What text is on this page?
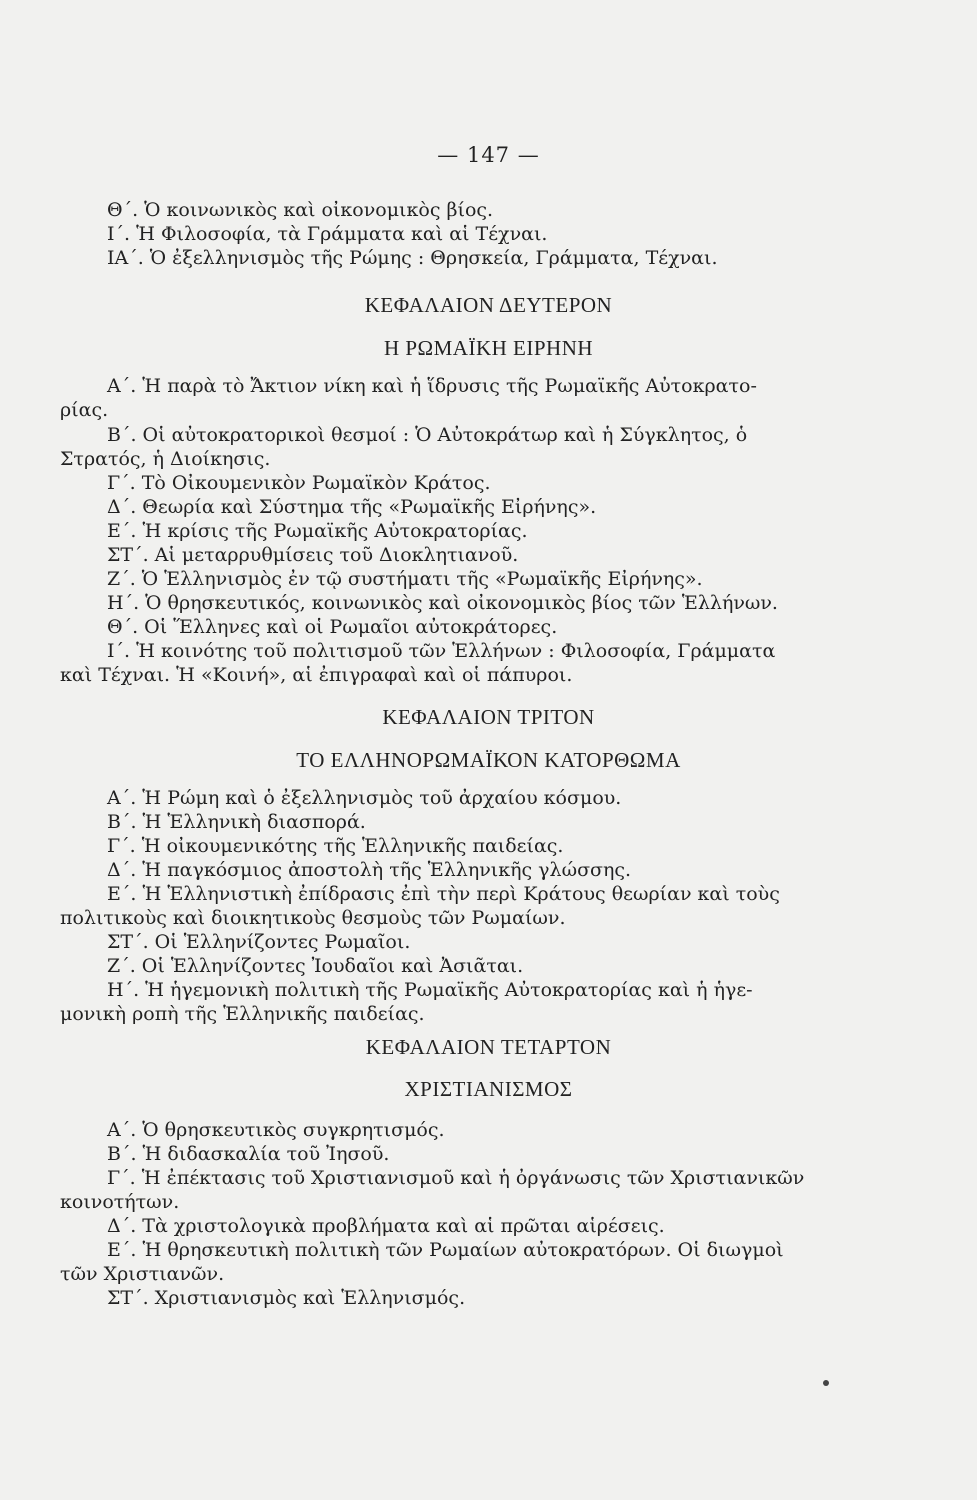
— 147 —
Θ΄. Ὁ κοινωνικὸς καὶ οἰκονομικὸς βίος.
Ι΄. Ἡ Φιλοσοφία, τὰ Γράμματα καὶ αἱ Τέχναι.
ΙΑ΄. Ὁ ἐξελληνισμὸς τῆς Ρώμης : Θρησκεία, Γράμματα, Τέχναι.
ΚΕΦΑΛΑΙΟΝ ΔΕΥΤΕΡΟΝ
Η ΡΩΜΑΪΚΗ ΕΙΡΗΝΗ
Α΄. Ἡ παρὰ τὸ Ἄκτιον νίκη καὶ ἡ ἵδρυσις τῆς Ρωμαϊκῆς Αὐτοκρατο-
ρίας.
Β΄. Οἱ αὐτοκρατορικοὶ θεσμοί : Ὁ Αὐτοκράτωρ καὶ ἡ Σύγκλητος, ὁ
Στρατός, ἡ Διοίκησις.
Γ΄. Τὸ Οἰκουμενικὸν Ρωμαϊκὸν Κράτος.
Δ΄. Θεωρία καὶ Σύστημα τῆς «Ρωμαϊκῆς Εἰρήνης».
Ε΄. Ἡ κρίσις τῆς Ρωμαϊκῆς Αὐτοκρατορίας.
ΣΤ΄. Αἱ μεταρρυθμίσεις τοῦ Διοκλητιανοῦ.
Ζ΄. Ὁ Ἑλληνισμὸς ἐν τῷ συστήματι τῆς «Ρωμαϊκῆς Εἰρήνης».
Η΄. Ὁ θρησκευτικός, κοινωνικὸς καὶ οἰκονομικὸς βίος τῶν Ἑλλήνων.
Θ΄. Οἱ Ἕλληνες καὶ οἱ Ρωμαῖοι αὐτοκράτορες.
Ι΄. Ἡ κοινότης τοῦ πολιτισμοῦ τῶν Ἑλλήνων : Φιλοσοφία, Γράμματα
καὶ Τέχναι. Ἡ «Κοινή», αἱ ἐπιγραφαὶ καὶ οἱ πάπυροι.
ΚΕΦΑΛΑΙΟΝ ΤΡΙΤΟΝ
ΤΟ ΕΛΛΗΝΟΡΩΜΑΪΚΟΝ ΚΑΤΟΡΘΩΜΑ
Α΄. Ἡ Ρώμη καὶ ὁ ἐξελληνισμὸς τοῦ ἀρχαίου κόσμου.
Β΄. Ἡ Ἑλληνικὴ διασπορά.
Γ΄. Ἡ οἰκουμενικότης τῆς Ἑλληνικῆς παιδείας.
Δ΄. Ἡ παγκόσμιος ἀποστολὴ τῆς Ἑλληνικῆς γλώσσης.
Ε΄. Ἡ Ἑλληνιστικὴ ἐπίδρασις ἐπὶ τὴν περὶ Κράτους θεωρίαν καὶ τοὺς
πολιτικοὺς καὶ διοικητικοὺς θεσμοὺς τῶν Ρωμαίων.
ΣΤ΄. Οἱ Ἑλληνίζοντες Ρωμαῖοι.
Ζ΄. Οἱ Ἑλληνίζοντες Ἰουδαῖοι καὶ Ἀσιᾶται.
Η΄. Ἡ ἡγεμονικὴ πολιτικὴ τῆς Ρωμαϊκῆς Αὐτοκρατορίας καὶ ἡ ἡγε-
μονικὴ ροπὴ τῆς Ἑλληνικῆς παιδείας.
ΚΕΦΑΛΑΙΟΝ ΤΕΤΑΡΤΟΝ
ΧΡΙΣΤΙΑΝΙΣΜΟΣ
Α΄. Ὁ θρησκευτικὸς συγκρητισμός.
Β΄. Ἡ διδασκαλία τοῦ Ἰησοῦ.
Γ΄. Ἡ ἐπέκτασις τοῦ Χριστιανισμοῦ καὶ ἡ ὀργάνωσις τῶν Χριστιανικῶν
κοινοτήτων.
Δ΄. Τὰ χριστολογικὰ προβλήματα καὶ αἱ πρῶται αἱρέσεις.
Ε΄. Ἡ θρησκευτικὴ πολιτικὴ τῶν Ρωμαίων αὐτοκρατόρων. Οἱ διωγμοὶ
τῶν Χριστιανῶν.
ΣΤ΄. Χριστιανισμὸς καὶ Ἑλληνισμός.
